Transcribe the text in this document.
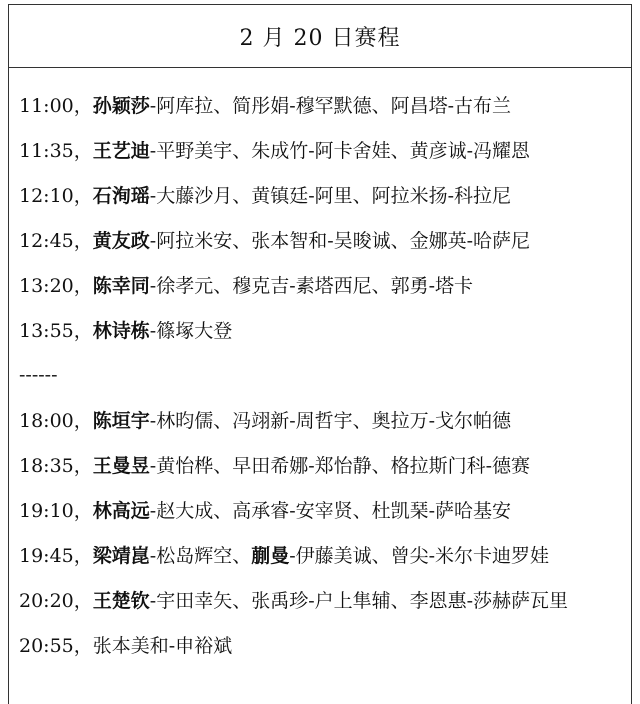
2 月 20 日赛程
11:00， 孙颖莎 -阿库拉、简彤娟-穆罕默德、阿昌塔-古布兰
11:35， 王艺迪 -平野美宇、朱成竹-阿卡舍娃、黄彦诚-冯耀恩
12:10， 石洵瑶 -大藤沙月、黄镇廷-阿里、阿拉米扬-科拉尼
12:45， 黄友政 -阿拉米安、张本智和-吴晙诚、金娜英-哈萨尼
13:20， 陈幸同 -徐孝元、穆克吉-素塔西尼、郭勇-塔卡
13:55， 林诗栋 -篠塚大登
------
18:00， 陈垣宇 -林昀儒、冯翊新-周哲宇、奥拉万-戈尔帕德
18:35， 王曼昱 -黄怡桦、早田希娜-郑怡静、格拉斯门科-德赛
19:10， 林高远 -赵大成、高承睿-安宰贤、杜凯琹-萨哈基安
19:45， 梁靖崑 -松岛辉空、 蒯曼 -伊藤美诚、曾尖-米尔卡迪罗娃
20:20， 王楚钦 -宇田幸矢、张禹珍-户上隼辅、李恩惠-莎赫萨瓦里
20:55， 张本美和-申裕斌
